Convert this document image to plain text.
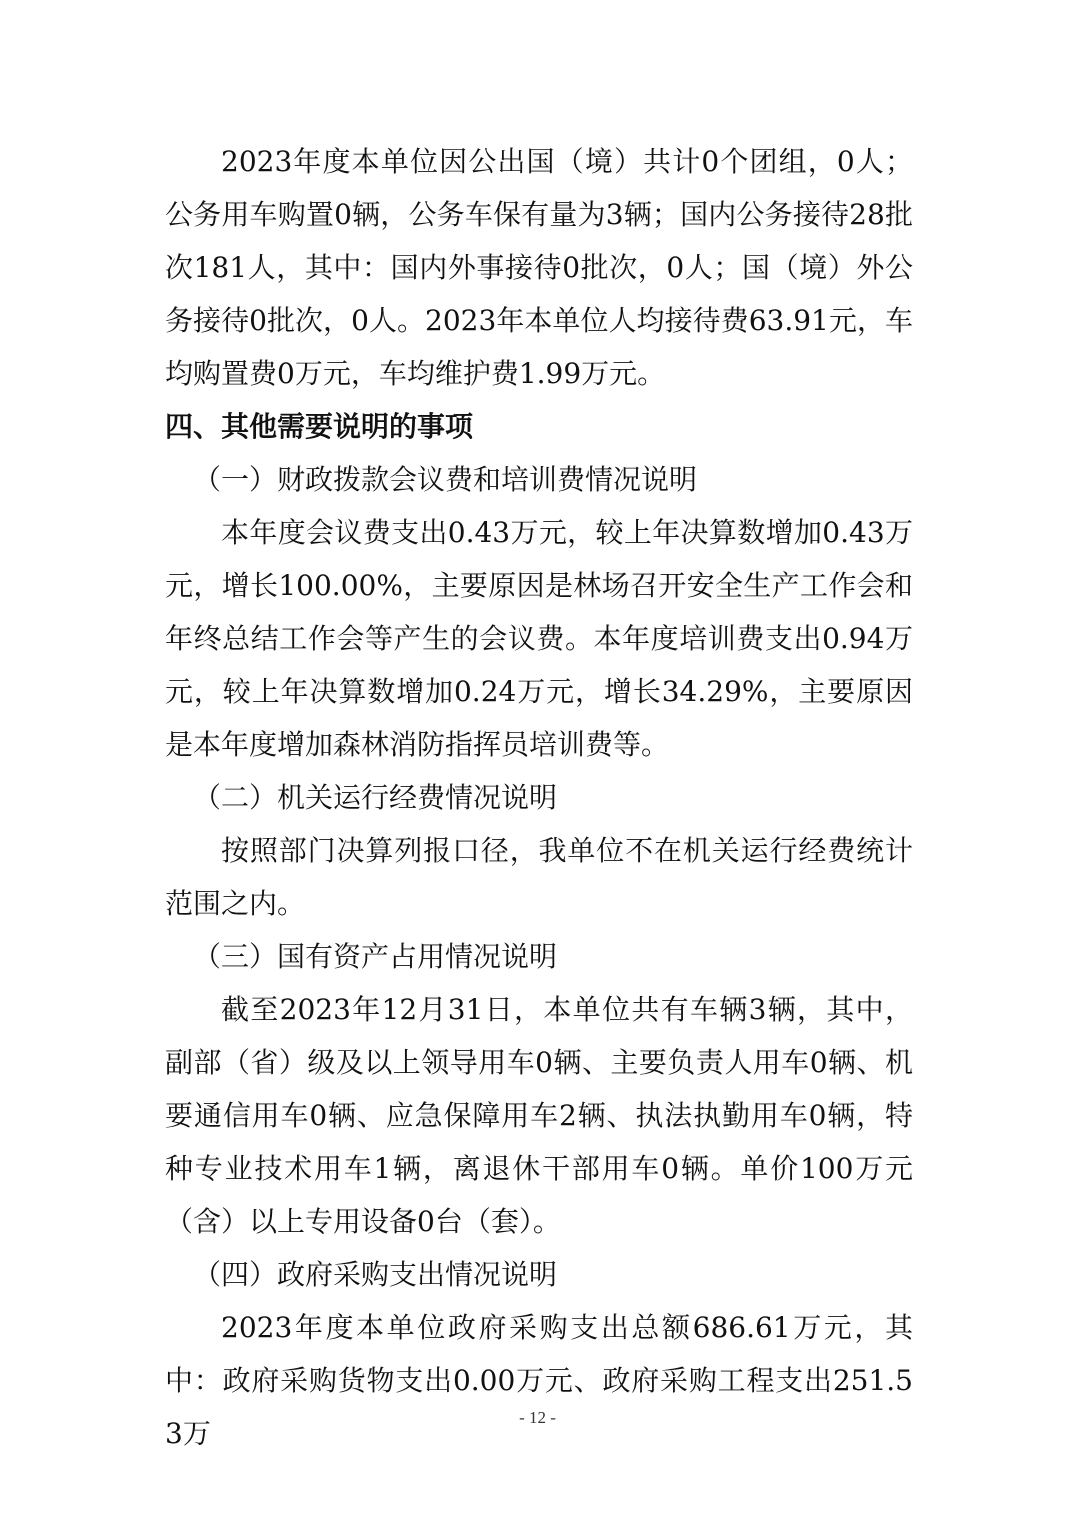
2023年度本单位因公出国（境）共计0个团组，0人；公务用车购置0辆，公务车保有量为3辆；国内公务接待28批次181人，其中：国内外事接待0批次，0人；国（境）外公务接待0批次，0人。2023年本单位人均接待费63.91元，车均购置费0万元，车均维护费1.99万元。

四、其他需要说明的事项

（一）财政拨款会议费和培训费情况说明

本年度会议费支出0.43万元，较上年决算数增加0.43万元，增长100.00%，主要原因是林场召开安全生产工作会和年终总结工作会等产生的会议费。本年度培训费支出0.94万元，较上年决算数增加0.24万元，增长34.29%，主要原因是本年度增加森林消防指挥员培训费等。

（二）机关运行经费情况说明

按照部门决算列报口径，我单位不在机关运行经费统计范围之内。

（三）国有资产占用情况说明

截至2023年12月31日，本单位共有车辆3辆，其中，副部（省）级及以上领导用车0辆、主要负责人用车0辆、机要通信用车0辆、应急保障用车2辆、执法执勤用车0辆，特种专业技术用车1辆，离退休干部用车0辆。单价100万元（含）以上专用设备0台（套）。

（四）政府采购支出情况说明

2023年度本单位政府采购支出总额686.61万元，其中：政府采购货物支出0.00万元、政府采购工程支出251.53万	- 12 -
